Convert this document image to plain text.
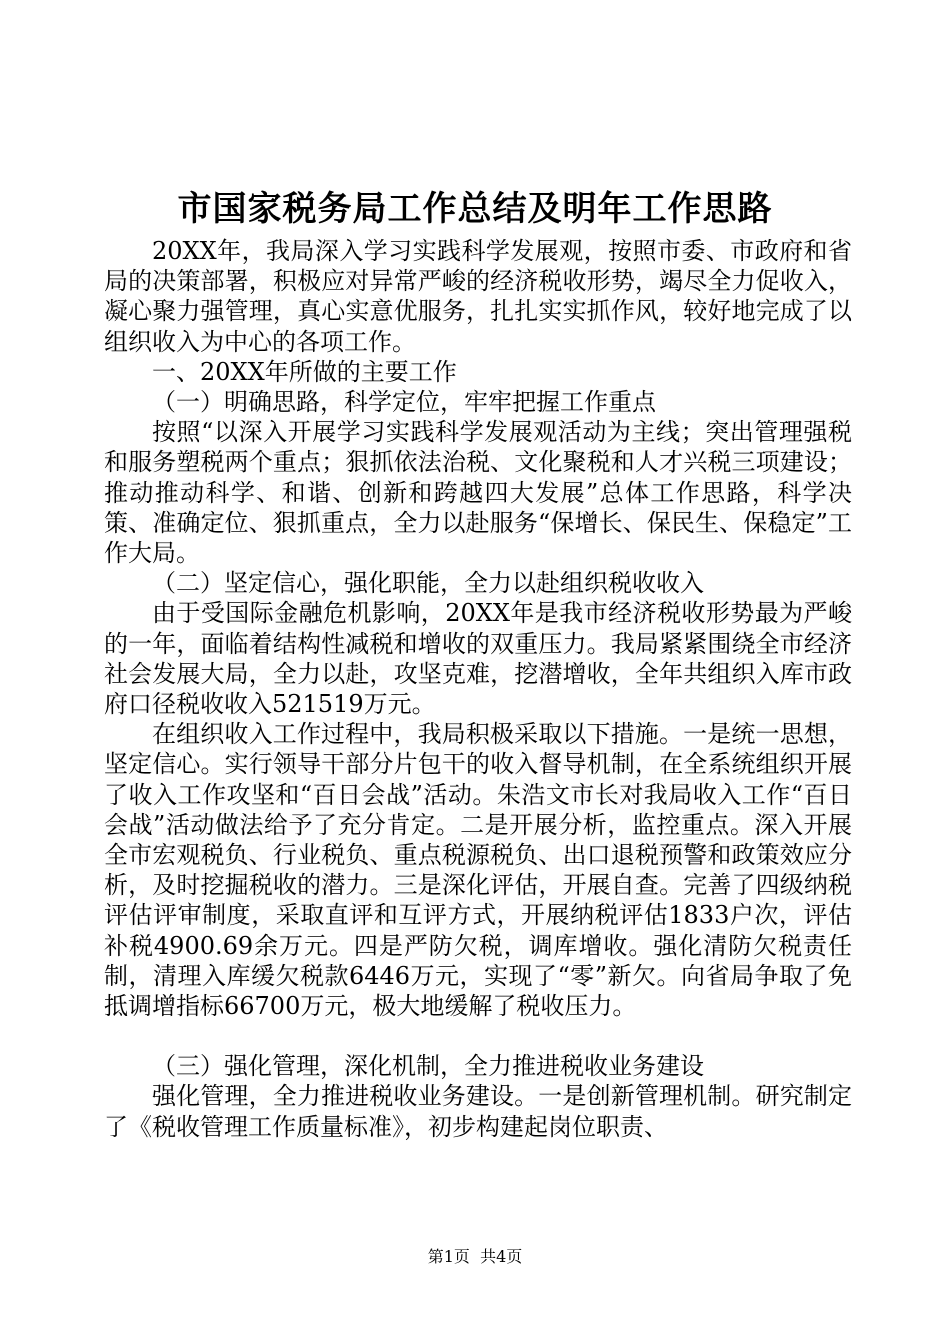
市国家税务局工作总结及明年工作思路

20XX年，我局深入学习实践科学发展观，按照市委、市政府和省局的决策部署，积极应对异常严峻的经济税收形势，竭尽全力促收入，凝心聚力强管理，真心实意优服务，扎扎实实抓作风，较好地完成了以组织收入为中心的各项工作。

一、20XX年所做的主要工作

（一）明确思路，科学定位，牢牢把握工作重点

按照“以深入开展学习实践科学发展观活动为主线；突出管理强税和服务塑税两个重点；狠抓依法治税、文化聚税和人才兴税三项建设；推动推动科学、和谐、创新和跨越四大发展”总体工作思路，科学决策、准确定位、狠抓重点，全力以赴服务“保增长、保民生、保稳定”工作大局。

（二）坚定信心，强化职能，全力以赴组织税收收入

由于受国际金融危机影响，20XX年是我市经济税收形势最为严峻的一年，面临着结构性减税和增收的双重压力。我局紧紧围绕全市经济社会发展大局，全力以赴，攻坚克难，挖潜增收，全年共组织入库市政府口径税收收入521519万元。

在组织收入工作过程中，我局积极采取以下措施。一是统一思想，坚定信心。实行领导干部分片包干的收入督导机制，在全系统组织开展了收入工作攻坚和“百日会战”活动。朱浩文市长对我局收入工作“百日会战”活动做法给予了充分肯定。二是开展分析，监控重点。深入开展全市宏观税负、行业税负、重点税源税负、出口退税预警和政策效应分析，及时挖掘税收的潜力。三是深化评估，开展自查。完善了四级纳税评估评审制度，采取直评和互评方式，开展纳税评估1833户次，评估补税4900.69余万元。四是严防欠税，调库增收。强化清防欠税责任制，清理入库缓欠税款6446万元，实现了“零”新欠。向省局争取了免抵调增指标66700万元，极大地缓解了税收压力。

（三）强化管理，深化机制，全力推进税收业务建设

强化管理，全力推进税收业务建设。一是创新管理机制。研究制定了《税收管理工作质量标准》，初步构建起岗位职责、

第1页  共4页
